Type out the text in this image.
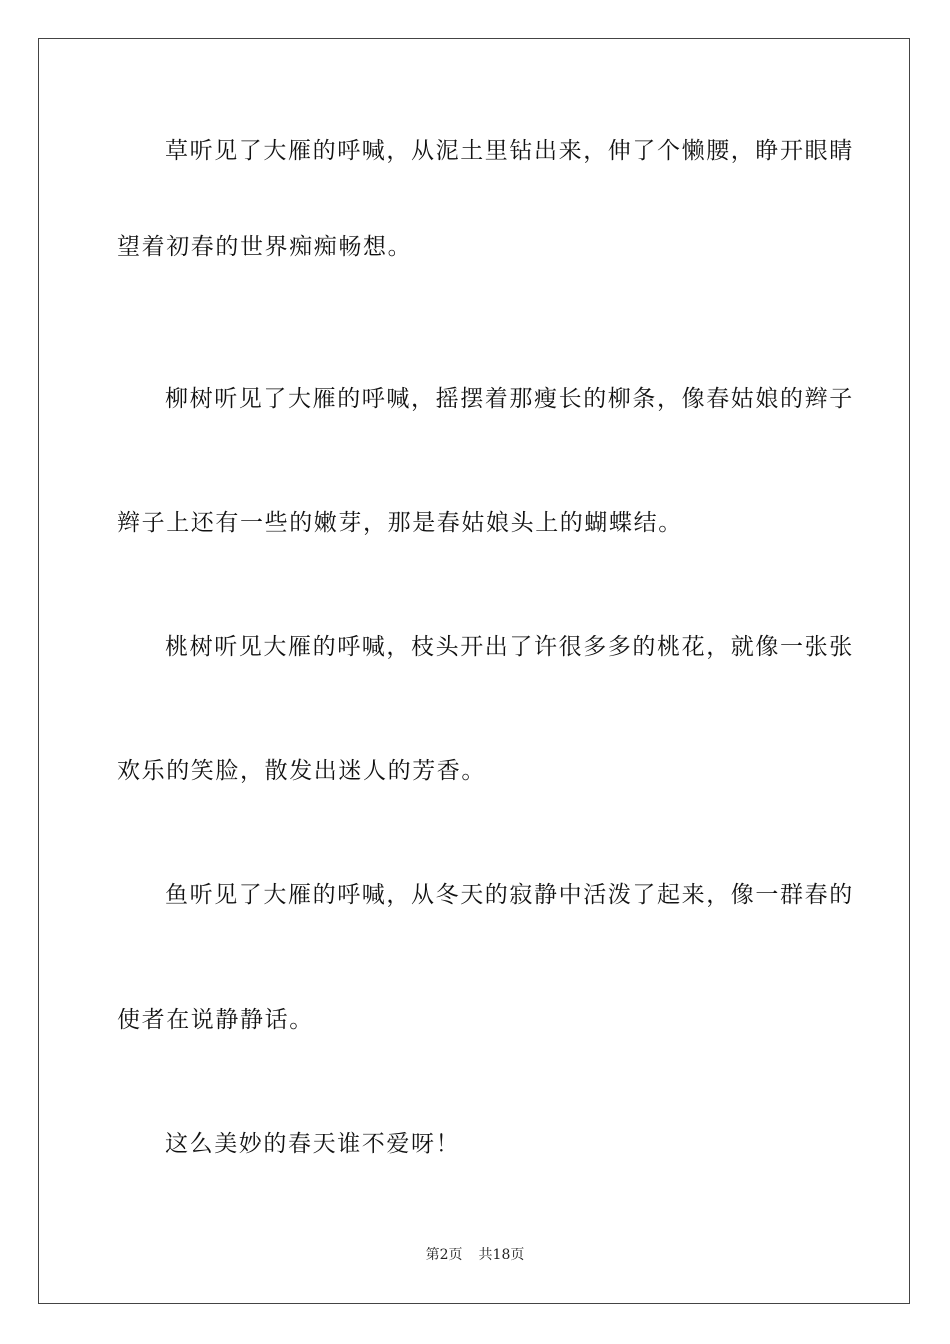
草听见了大雁的呼喊，从泥土里钻出来，伸了个懒腰，睁开眼睛

望着初春的世界痴痴畅想。

柳树听见了大雁的呼喊，摇摆着那瘦长的柳条，像春姑娘的辫子

辫子上还有一些的嫩芽，那是春姑娘头上的蝴蝶结。

桃树听见大雁的呼喊，枝头开出了许很多多的桃花，就像一张张

欢乐的笑脸，散发出迷人的芳香。

鱼听见了大雁的呼喊，从冬天的寂静中活泼了起来，像一群春的

使者在说静静话。

这么美妙的春天谁不爱呀！

第2页 共18页
